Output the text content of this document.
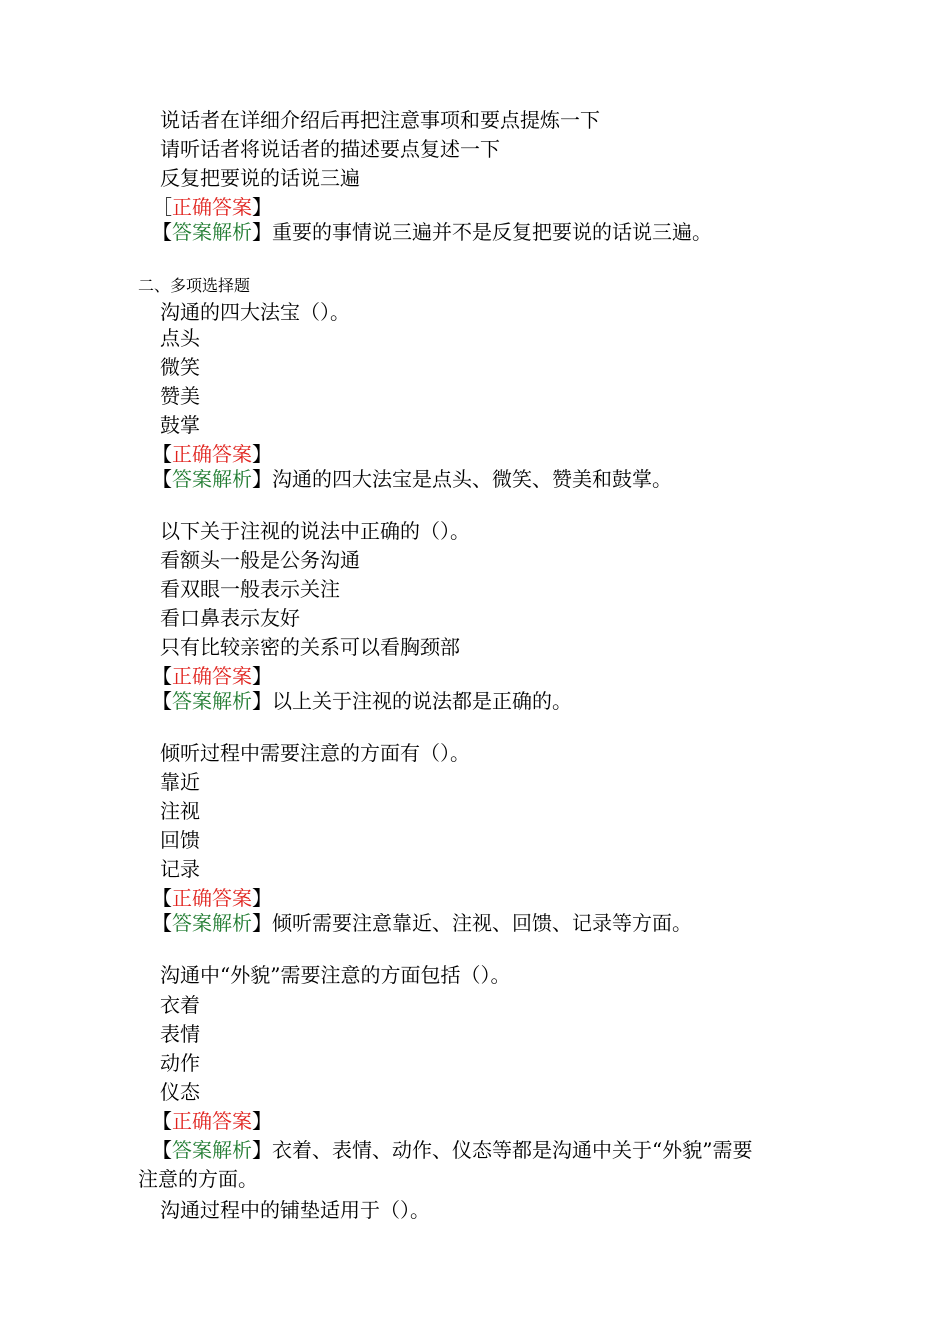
说话者在详细介绍后再把注意事项和要点提炼一下
请听话者将说话者的描述要点复述一下
反复把要说的话说三遍
［正确答案】
【答案解析】重要的事情说三遍并不是反复把要说的话说三遍。
二、多项选择题
沟通的四大法宝（）。
点头
微笑
赞美
鼓掌
【正确答案】
【答案解析】沟通的四大法宝是点头、微笑、赞美和鼓掌。
以下关于注视的说法中正确的（）。
看额头一般是公务沟通
看双眼一般表示关注
看口鼻表示友好
只有比较亲密的关系可以看胸颈部
【正确答案】
【答案解析】以上关于注视的说法都是正确的。
倾听过程中需要注意的方面有（）。
靠近
注视
回馈
记录
【正确答案】
【答案解析】倾听需要注意靠近、注视、回馈、记录等方面。
沟通中“外貌”需要注意的方面包括（）。
衣着
表情
动作
仪态
【正确答案】
【答案解析】衣着、表情、动作、仪态等都是沟通中关于“外貌”需要
注意的方面。
沟通过程中的铺垫适用于（）。
